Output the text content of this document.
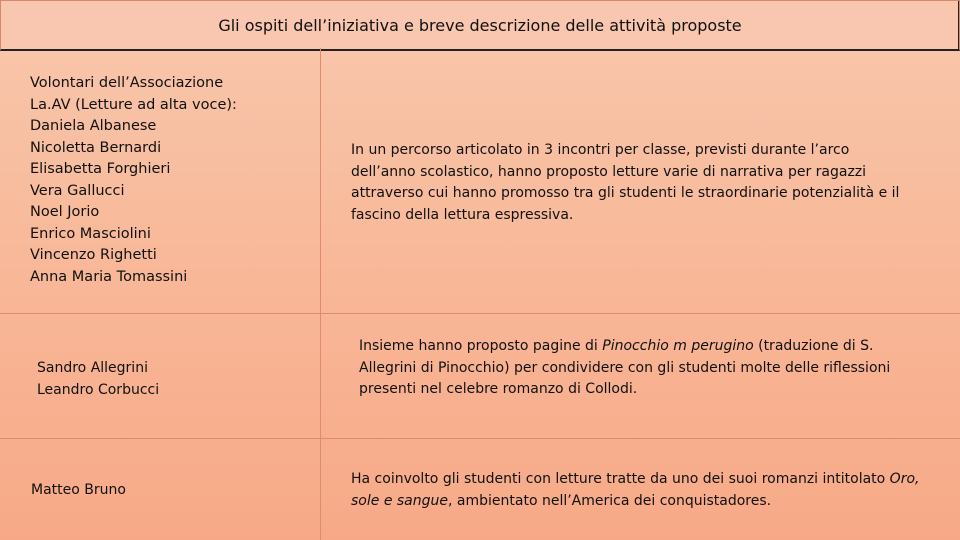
Gli ospiti dell’iniziativa e breve descrizione delle attività proposte
Volontari dell’Associazione
La.AV (Letture ad alta voce):
Daniela Albanese
Nicoletta Bernardi
Elisabetta Forghieri
Vera Gallucci
Noel Jorio
Enrico Masciolini
Vincenzo Righetti
Anna Maria Tomassini
In un percorso articolato in 3 incontri per classe, previsti durante l’arco dell’anno scolastico, hanno proposto letture varie di narrativa per ragazzi attraverso cui hanno promosso tra gli studenti le straordinarie potenzialità e il fascino della lettura espressiva.
Sandro Allegrini
Leandro Corbucci
Insieme hanno proposto pagine di Pinocchio m perugino (traduzione di S. Allegrini di Pinocchio) per condividere con gli studenti molte delle riflessioni presenti nel celebre romanzo di Collodi.
Matteo Bruno
Ha coinvolto gli studenti con letture tratte da uno dei suoi romanzi intitolato Oro, sole e sangue, ambientato nell’America dei conquistadores.
